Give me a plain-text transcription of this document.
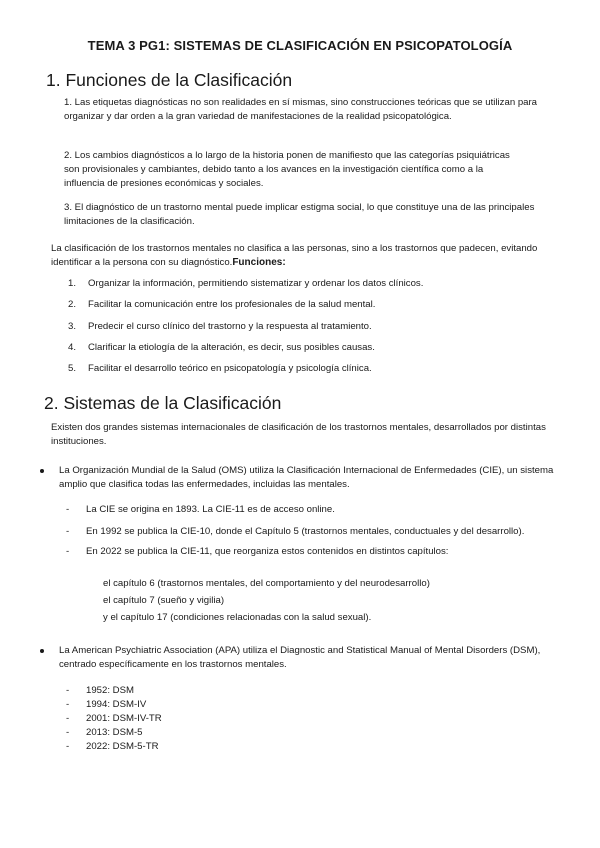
TEMA 3 PG1: SISTEMAS DE CLASIFICACIÓN EN PSICOPATOLOGÍA
1. Funciones de la Clasificación
1. Las etiquetas diagnósticas no son realidades en sí mismas, sino construcciones teóricas que se utilizan para organizar y dar orden a la gran variedad de manifestaciones de la realidad psicopatológica.
2. Los cambios diagnósticos a lo largo de la historia ponen de manifiesto que las categorías psiquiátricas son provisionales y cambiantes, debido tanto a los avances en la investigación científica como a la influencia de presiones económicas y sociales.
3. El diagnóstico de un trastorno mental puede implicar estigma social, lo que constituye una de las principales limitaciones de la clasificación.
La clasificación de los trastornos mentales no clasifica a las personas, sino a los trastornos que padecen, evitando identificar a la persona con su diagnóstico.Funciones:
1. Organizar la información, permitiendo sistematizar y ordenar los datos clínicos.
2. Facilitar la comunicación entre los profesionales de la salud mental.
3. Predecir el curso clínico del trastorno y la respuesta al tratamiento.
4. Clarificar la etiología de la alteración, es decir, sus posibles causas.
5. Facilitar el desarrollo teórico en psicopatología y psicología clínica.
2. Sistemas de la Clasificación
Existen dos grandes sistemas internacionales de clasificación de los trastornos mentales, desarrollados por distintas instituciones.
La Organización Mundial de la Salud (OMS) utiliza la Clasificación Internacional de Enfermedades (CIE), un sistema amplio que clasifica todas las enfermedades, incluidas las mentales.
- La CIE se origina en 1893. La CIE-11 es de acceso online.
- En 1992 se publica la CIE-10, donde el Capítulo 5 (trastornos mentales, conductuales y del desarrollo).
- En 2022 se publica la CIE-11, que reorganiza estos contenidos en distintos capítulos:
el capítulo 6 (trastornos mentales, del comportamiento y del neurodesarrollo)
el capítulo 7 (sueño y vigilia)
y el capítulo 17 (condiciones relacionadas con la salud sexual).
La American Psychiatric Association (APA) utiliza el Diagnostic and Statistical Manual of Mental Disorders (DSM), centrado específicamente en los trastornos mentales.
- 1952: DSM
- 1994: DSM-IV
- 2001: DSM-IV-TR
- 2013: DSM-5
- 2022: DSM-5-TR
